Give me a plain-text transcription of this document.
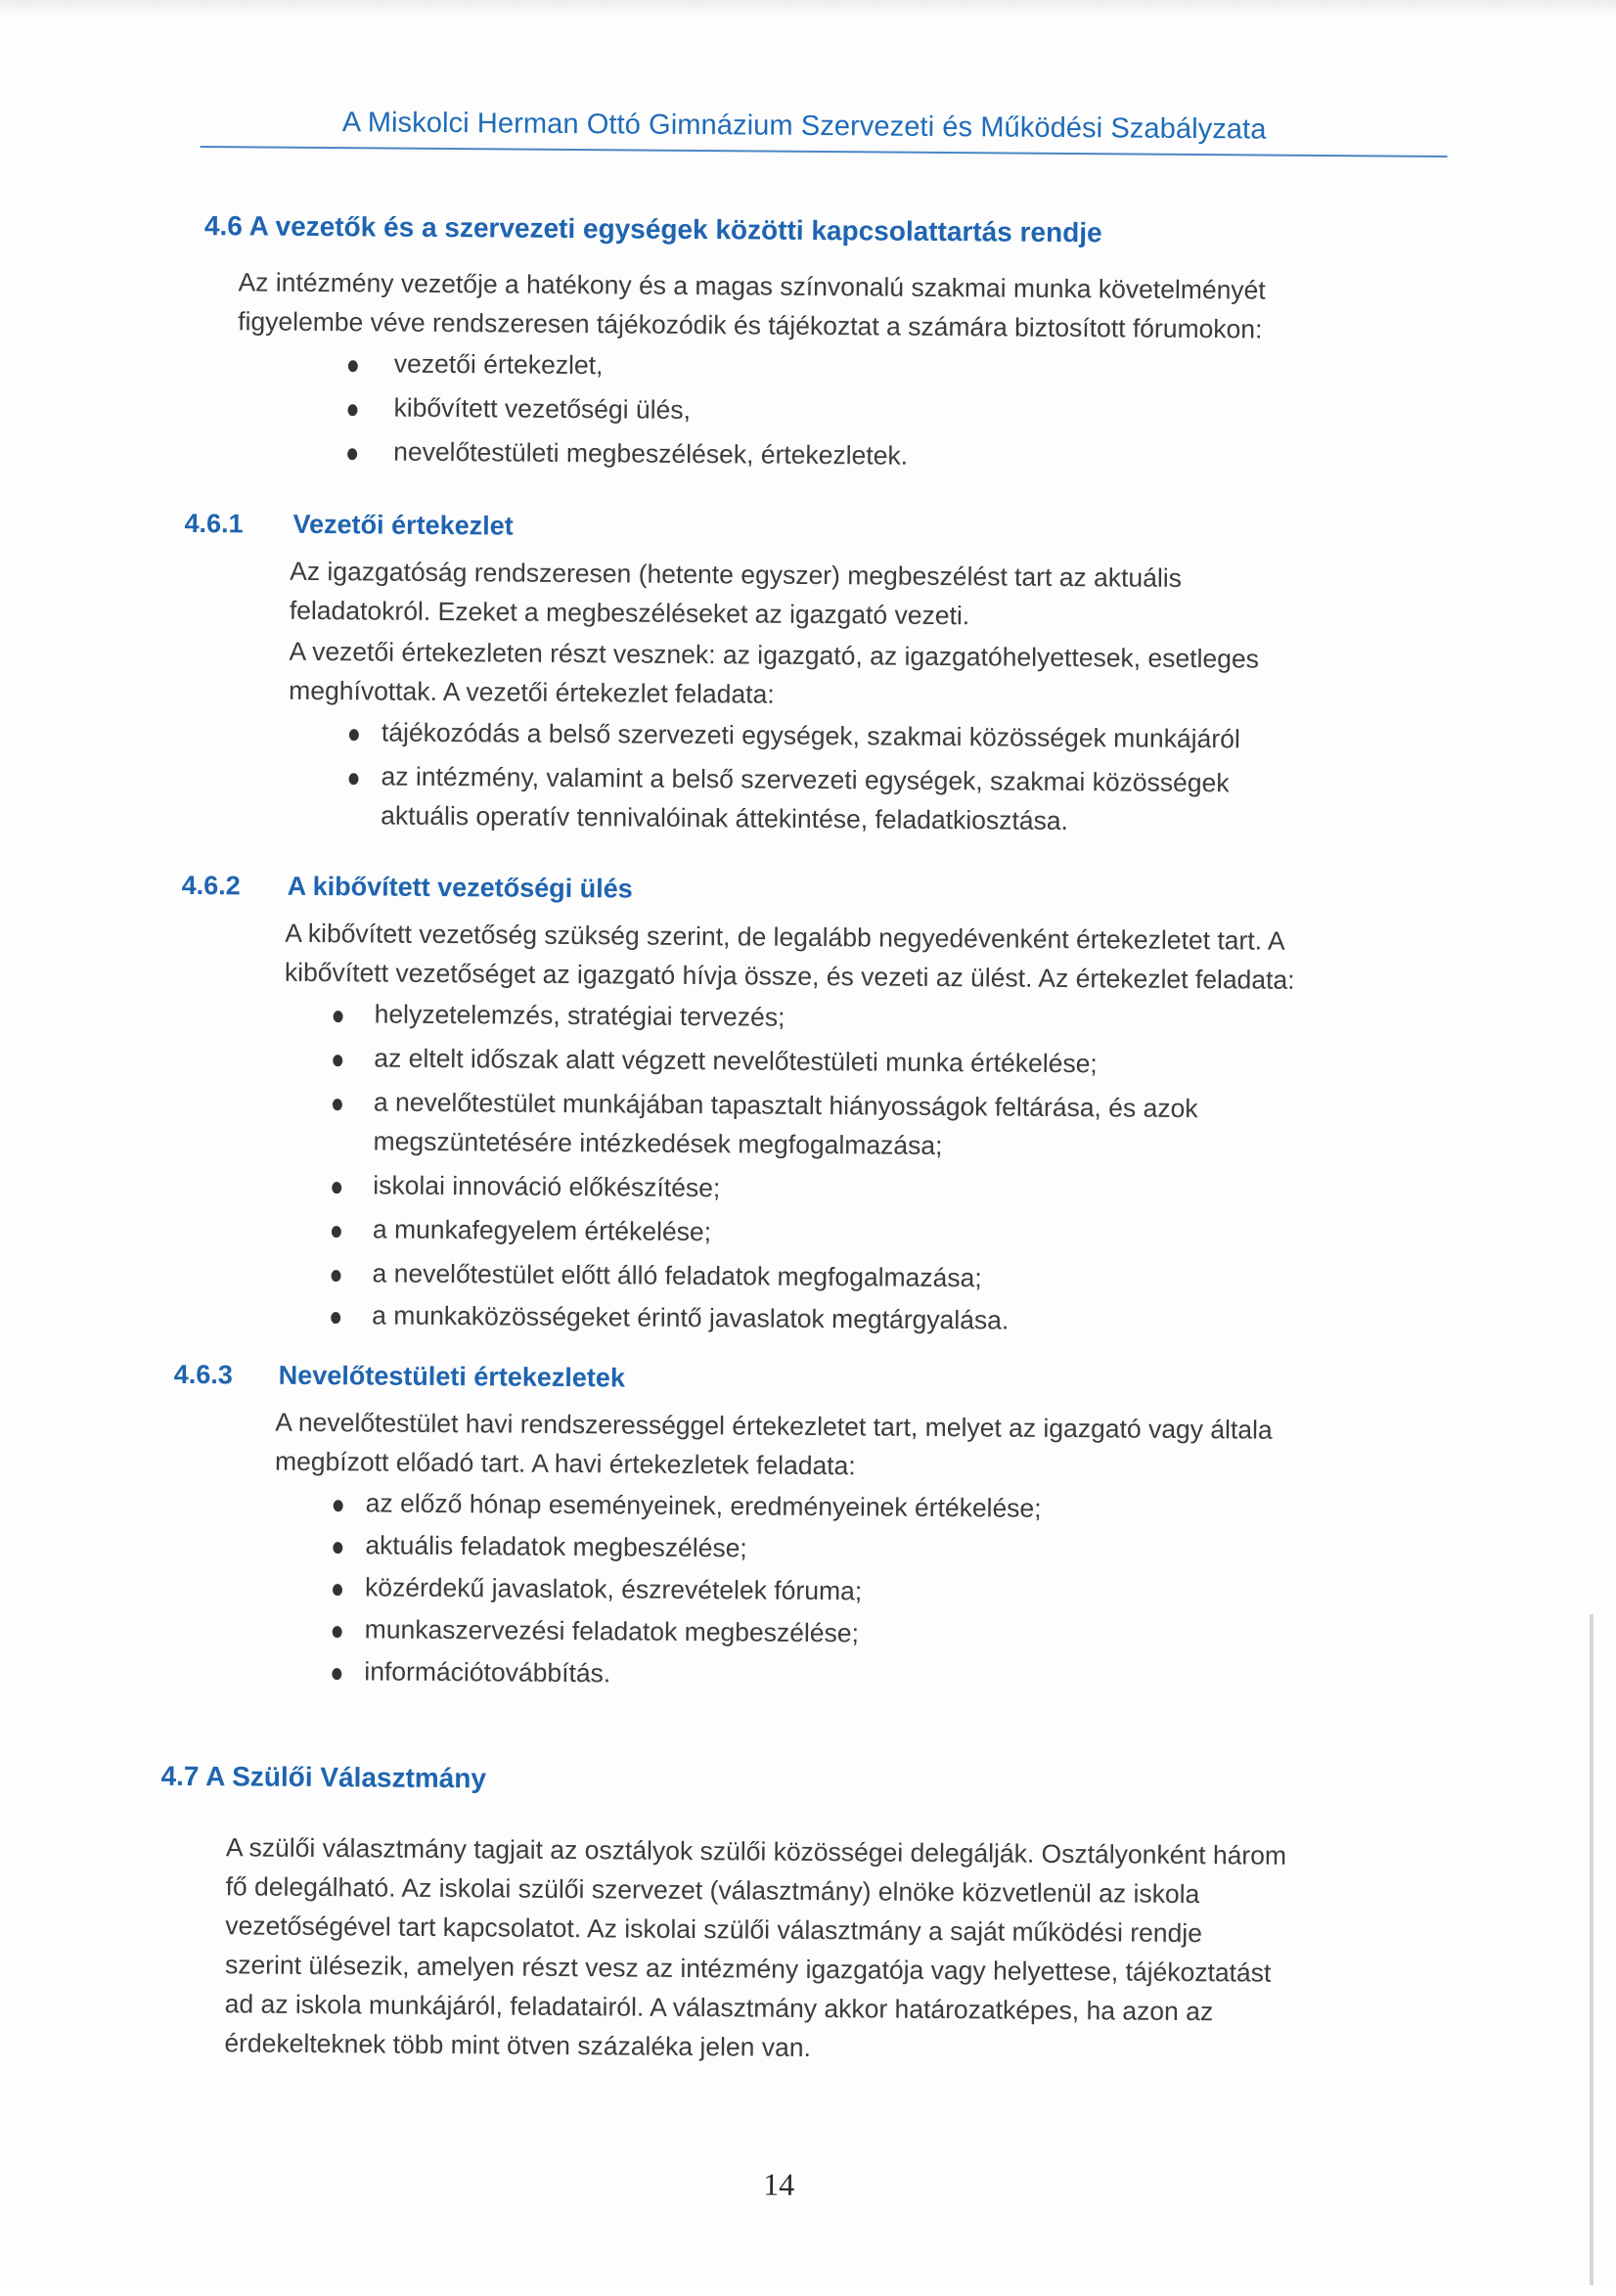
A Miskolci Herman Ottó Gimnázium Szervezeti és Működési Szabályzata
4.6 A vezetők és a szervezeti egységek közötti kapcsolattartás rendje
Az intézmény vezetője a hatékony és a magas színvonalú szakmai munka követelményét
figyelembe véve rendszeresen tájékozódik és tájékoztat a számára biztosított fórumokon:
vezetői értekezlet,
kibővített vezetőségi ülés,
nevelőtestületi megbeszélések, értekezletek.
4.6.1 Vezetői értekezlet
Az igazgatóság rendszeresen (hetente egyszer) megbeszélést tart az aktuális
feladatokról. Ezeket a megbeszéléseket az igazgató vezeti.
A vezetői értekezleten részt vesznek: az igazgató, az igazgatóhelyettesek, esetleges
meghívottak. A vezetői értekezlet feladata:
tájékozódás a belső szervezeti egységek, szakmai közösségek munkájáról
az intézmény, valamint a belső szervezeti egységek, szakmai közösségek
aktuális operatív tennivalóinak áttekintése, feladatkiosztása.
4.6.2 A kibővített vezetőségi ülés
A kibővített vezetőség szükség szerint, de legalább negyedévenként értekezletet tart. A
kibővített vezetőséget az igazgató hívja össze, és vezeti az ülést. Az értekezlet feladata:
helyzetelemzés, stratégiai tervezés;
az eltelt időszak alatt végzett nevelőtestületi munka értékelése;
a nevelőtestület munkájában tapasztalt hiányosságok feltárása, és azok
megszüntetésére intézkedések megfogalmazása;
iskolai innováció előkészítése;
a munkafegyelem értékelése;
a nevelőtestület előtt álló feladatok megfogalmazása;
a munkaközösségeket érintő javaslatok megtárgyalása.
4.6.3 Nevelőtestületi értekezletek
A nevelőtestület havi rendszerességgel értekezletet tart, melyet az igazgató vagy általa
megbízott előadó tart. A havi értekezletek feladata:
az előző hónap eseményeinek, eredményeinek értékelése;
aktuális feladatok megbeszélése;
közérdekű javaslatok, észrevételek fóruma;
munkaszervezési feladatok megbeszélése;
információtovábbítás.
4.7 A Szülői Választmány
A szülői választmány tagjait az osztályok szülői közösségei delegálják. Osztályonként három
fő delegálható. Az iskolai szülői szervezet (választmány) elnöke közvetlenül az iskola
vezetőségével tart kapcsolatot. Az iskolai szülői választmány a saját működési rendje
szerint ülésezik, amelyen részt vesz az intézmény igazgatója vagy helyettese, tájékoztatást
ad az iskola munkájáról, feladatairól. A választmány akkor határozatképes, ha azon az
érdekelteknek több mint ötven százaléka jelen van.
14
